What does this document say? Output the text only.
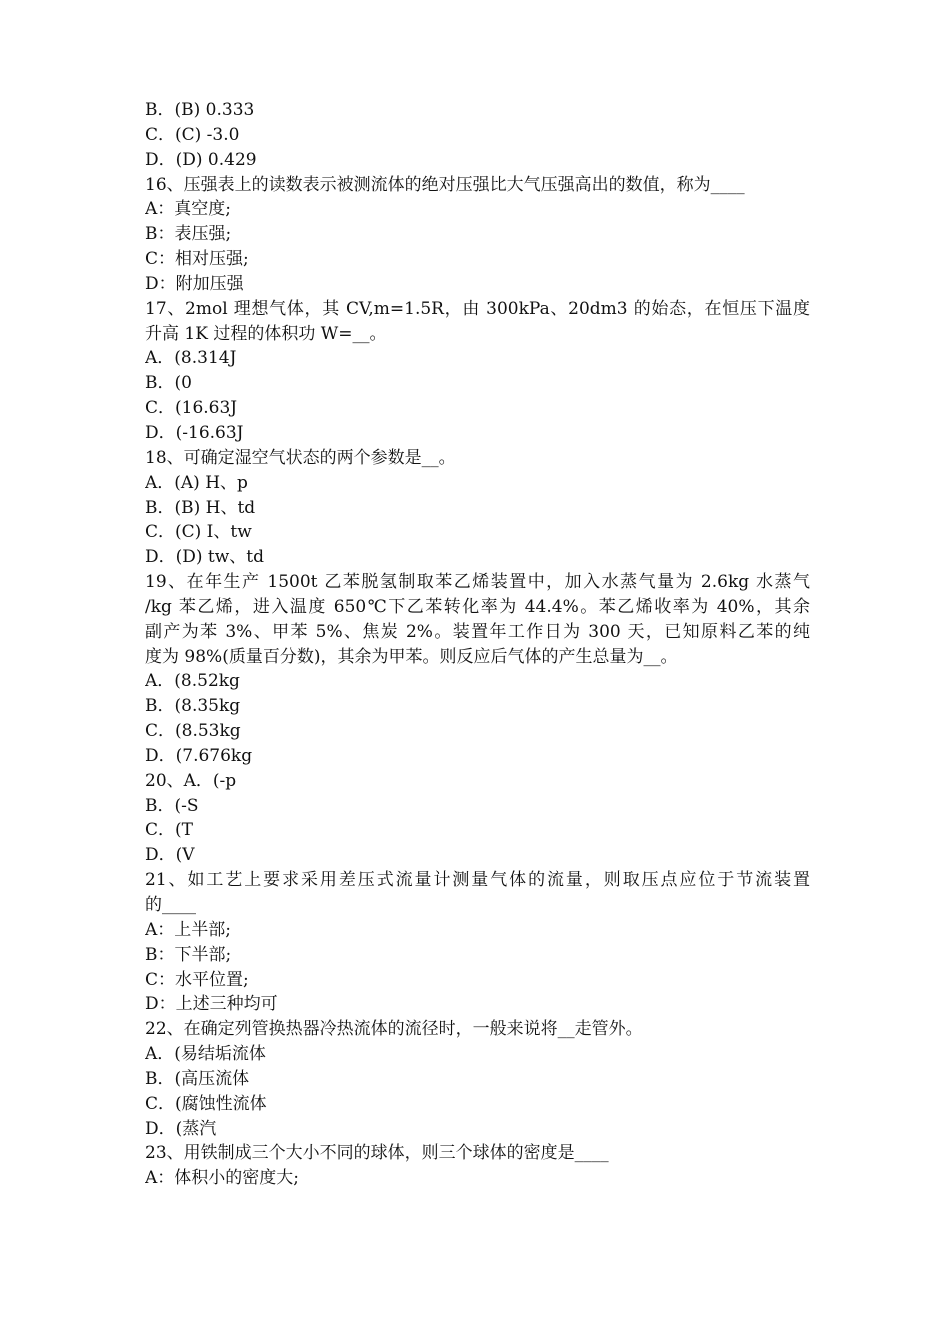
B．(B) 0.333
C．(C) -3.0
D．(D) 0.429
16、压强表上的读数表示被测流体的绝对压强比大气压强高出的数值，称为____
A：真空度;
B：表压强;
C：相对压强;
D：附加压强
17、2mol 理想气体，其 CV,m=1.5R，由 300kPa、20dm3 的始态，在恒压下温度
升高 1K 过程的体积功 W=__。
A．(8.314J
B．(0
C．(16.63J
D．(-16.63J
18、可确定湿空气状态的两个参数是__。
A．(A) H、p
B．(B) H、td
C．(C) I、tw
D．(D) tw、td
19、在年生产 1500t 乙苯脱氢制取苯乙烯装置中，加入水蒸气量为 2.6kg 水蒸气
/kg 苯乙烯，进入温度 650℃下乙苯转化率为 44.4%。苯乙烯收率为 40%，其余
副产为苯 3%、甲苯 5%、焦炭 2%。装置年工作日为 300 天，已知原料乙苯的纯
度为 98%(质量百分数)，其余为甲苯。则反应后气体的产生总量为__。
A．(8.52kg
B．(8.35kg
C．(8.53kg
D．(7.676kg
20、A．(-p
B．(-S
C．(T
D．(V
21、如工艺上要求采用差压式流量计测量气体的流量，则取压点应位于节流装置
的____
A：上半部;
B：下半部;
C：水平位置;
D：上述三种均可
22、在确定列管换热器冷热流体的流径时，一般来说将__走管外。
A．(易结垢流体
B．(高压流体
C．(腐蚀性流体
D．(蒸汽
23、用铁制成三个大小不同的球体，则三个球体的密度是____
A：体积小的密度大;
